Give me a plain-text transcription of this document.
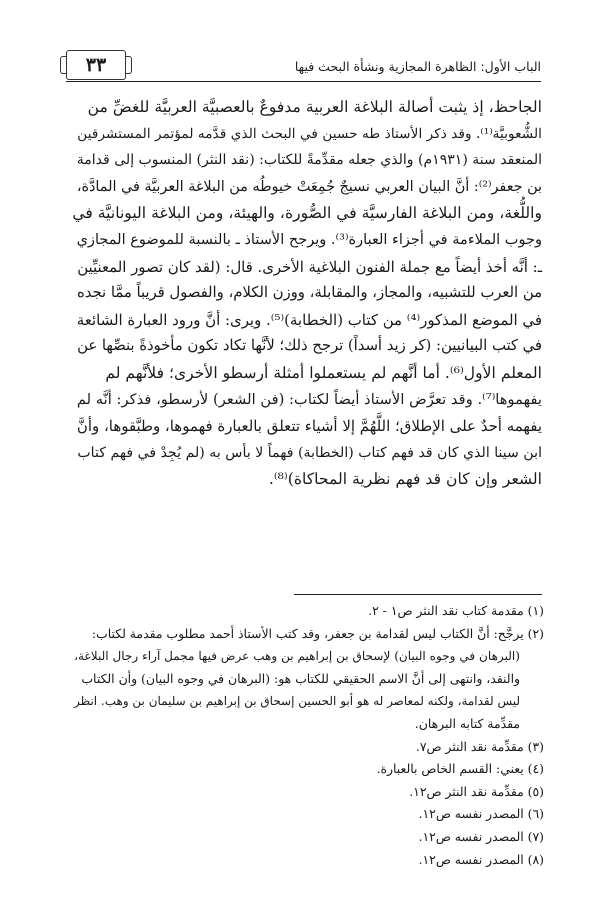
٣٣	الباب الأول: الظاهرة المجازية ونشأة البحث فيها
الجاحظ، إذ يثبت أصالة البلاغة العربية مدفوعٌ بالعصبيَّة العربيَّة للغضِّ من
الشُّعوبيَّة⁽¹⁾. وقد ذكر الأستاذ طه حسين في البحث الذي قدَّمه لمؤتمر المستشرقين
المنعقد سنة (١٩٣١م) والذي جعله مقدِّمةً للكتاب: (نقد النثر) المنسوب إلى قدامة
بن جعفر⁽²⁾: أنَّ البيان العربي نسيجٌ جُمِعَتْ خيوطُه من البلاغة العربيَّة في المادَّة،
واللُّغة، ومن البلاغة الفارسيَّة في الصُّورة، والهيئة، ومن البلاغة اليونانيَّة في
وجوب الملاءمة في أجزاء العبارة⁽³⁾. ويرجح الأستاذ ـ بالنسبة للموضوع المجازي
ـ: أنَّه أخذ أيضاً مع جملة الفنون البلاغية الأخرى. قال: (لقد كان تصور المعنيِّين
من العرب للتشبيه، والمجاز، والمقابلة، ووزن الكلام، والفصول قريباً ممَّا نجده
في الموضع المذكور⁽⁴⁾ من كتاب (الخطابة)⁽⁵⁾. ويرى: أنَّ ورود العبارة الشائعة
في كتب البيانيين: (كر زيد أسداً) ترجح ذلك؛ لأنَّها تكاد تكون مأخوذةً بنصِّها عن
المعلم الأول⁽⁶⁾. أما أنَّهم لم يستعملوا أمثلة أرسطو الأخرى؛ فلأنَّهم لم
يفهموها⁽⁷⁾. وقد تعرَّض الأستاذ أيضاً لكتاب: (فن الشعر) لأرسطو، فذكر: أنَّه لم
يفهمه أحدٌ على الإطلاق؛ اللَّهُمَّ إلا أشياء تتعلق بالعبارة فهموها، وطبَّقوها، وأنَّ
ابن سينا الذي كان قد فهم كتاب (الخطابة) فهماً لا بأس به (لم يُجِدْ في فهم كتاب
الشعر وإن كان قد فهم نظرية المحاكاة)⁽⁸⁾.
(١) مقدمة كتاب نقد النثر ص١ - ٢.
(٢) يرجَّح: أنَّ الكتاب ليس لقدامة بن جعفر، وقد كتب الأستاذ أحمد مطلوب مقدمة لكتاب:
(البرهان في وجوه البيان) لإسحاق بن إبراهيم بن وهب عرض فيها مجمل آراء رجال البلاغة،
والنقد، وانتهى إلى أنَّ الاسم الحقيقي للكتاب هو: (البرهان في وجوه البيان) وأن الكتاب
ليس لقدامة، ولكنه لمعاصر له هو أبو الحسين إسحاق بن إبراهيم بن سليمان بن وهب. انظر
مقدِّمة كتابه البرهان.
(٣) مقدِّمة نقد النثر ص٧.
(٤) يعني: القسم الخاص بالعبارة.
(٥) مقدِّمة نقد النثر ص١٢.
(٦) المصدر نفسه ص١٢.
(٧) المصدر نفسه ص١٢.
(٨) المصدر نفسه ص١٢.
